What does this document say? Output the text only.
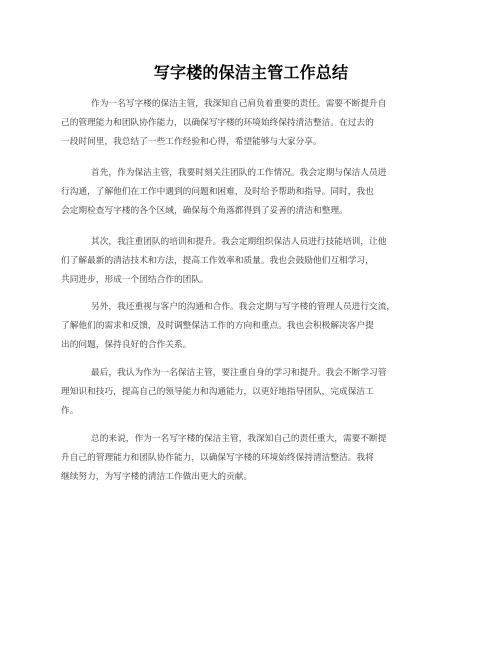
写字楼的保洁主管工作总结

作为一名写字楼的保洁主管，我深知自己肩负着重要的责任。需要不断提升自
己的管理能力和团队协作能力，以确保写字楼的环境始终保持清洁整洁。在过去的
一段时间里，我总结了一些工作经验和心得，希望能够与大家分享。

首先，作为保洁主管，我要时刻关注团队的工作情况。我会定期与保洁人员进
行沟通，了解他们在工作中遇到的问题和困难，及时给予帮助和指导。同时，我也
会定期检查写字楼的各个区域，确保每个角落都得到了妥善的清洁和整理。

其次，我注重团队的培训和提升。我会定期组织保洁人员进行技能培训，让他
们了解最新的清洁技术和方法，提高工作效率和质量。我也会鼓励他们互相学习，
共同进步，形成一个团结合作的团队。

另外，我还重视与客户的沟通和合作。我会定期与写字楼的管理人员进行交流，
了解他们的需求和反馈，及时调整保洁工作的方向和重点。我也会积极解决客户提
出的问题，保持良好的合作关系。

最后，我认为作为一名保洁主管，要注重自身的学习和提升。我会不断学习管
理知识和技巧，提高自己的领导能力和沟通能力，以更好地指导团队，完成保洁工
作。

总的来说，作为一名写字楼的保洁主管，我深知自己的责任重大，需要不断提
升自己的管理能力和团队协作能力，以确保写字楼的环境始终保持清洁整洁。我将
继续努力，为写字楼的清洁工作做出更大的贡献。
